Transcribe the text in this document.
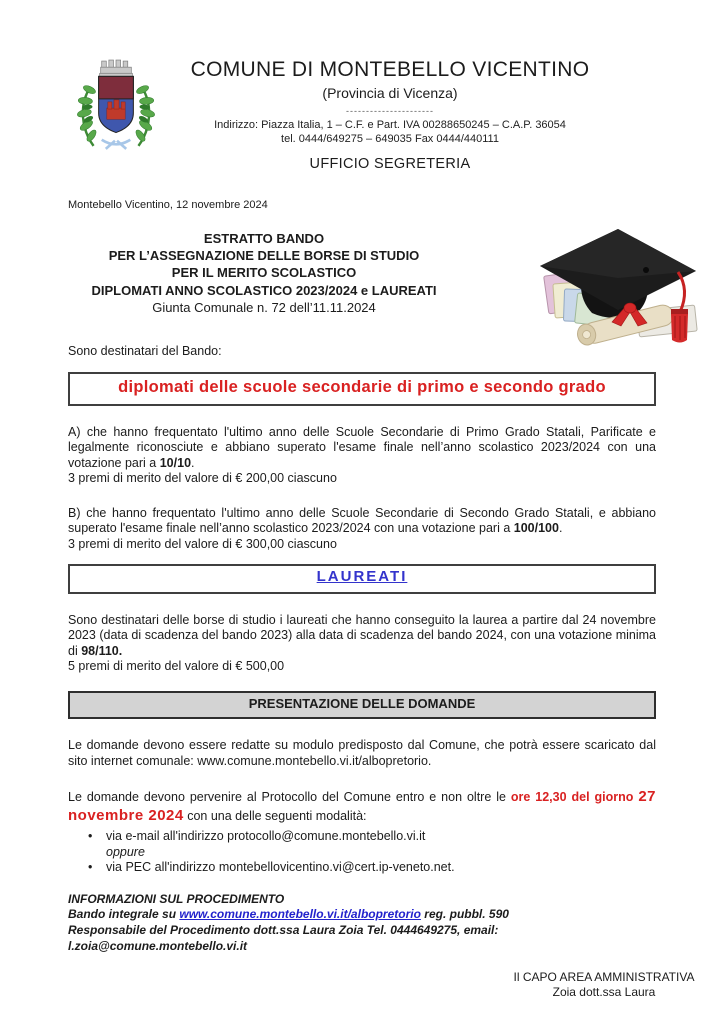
COMUNE DI MONTEBELLO VICENTINO
(Provincia di Vicenza)
----------------------
Indirizzo: Piazza Italia, 1 – C.F. e Part. IVA 00288650245 – C.A.P. 36054
tel. 0444/649275 – 649035 Fax 0444/440111
UFFICIO SEGRETERIA
Montebello Vicentino, 12 novembre 2024
ESTRATTO BANDO
PER L’ASSEGNAZIONE DELLE BORSE DI STUDIO
PER IL MERITO SCOLASTICO
DIPLOMATI ANNO SCOLASTICO 2023/2024 e LAUREATI
Giunta Comunale n. 72 dell’11.11.2024

Sono destinatari del Bando:

diplomati delle scuole secondarie di primo e secondo grado

A) che hanno frequentato l'ultimo anno delle Scuole Secondarie di Primo Grado Statali, Parificate e legalmente riconosciute e abbiano superato l'esame finale nell’anno scolastico 2023/2024 con una votazione pari a 10/10.

3 premi di merito del valore di € 200,00 ciascuno

B) che hanno frequentato l'ultimo anno delle Scuole Secondarie di Secondo Grado Statali, e abbiano superato l'esame finale nell’anno scolastico 2023/2024 con una votazione pari a 100/100.

3 premi di merito del valore di € 300,00 ciascuno

LAUREATI

Sono destinatari delle borse di studio i laureati che hanno conseguito la laurea a partire dal 24 novembre 2023 (data di scadenza del bando 2023) alla data di scadenza del bando 2024, con una votazione minima di 98/110.

5 premi di merito del valore di € 500,00

PRESENTAZIONE DELLE DOMANDE

Le domande devono essere redatte su modulo predisposto dal Comune, che potrà essere scaricato dal sito internet comunale: www.comune.montebello.vi.it/albopretorio.

Le domande devono pervenire al Protocollo del Comune entro e non oltre le ore 12,30 del giorno 27 novembre 2024 con una delle seguenti modalità:

• via e-mail all'indirizzo protocollo@comune.montebello.vi.it
oppure
• via PEC all'indirizzo montebellovicentino.vi@cert.ip-veneto.net.
INFORMAZIONI SUL PROCEDIMENTO
Bando integrale su www.comune.montebello.vi.it/albopretorio reg. pubbl. 590
Responsabile del Procedimento dott.ssa Laura Zoia Tel. 0444649275, email: l.zoia@comune.montebello.vi.it
Il CAPO AREA AMMINISTRATIVA
Zoia dott.ssa Laura
